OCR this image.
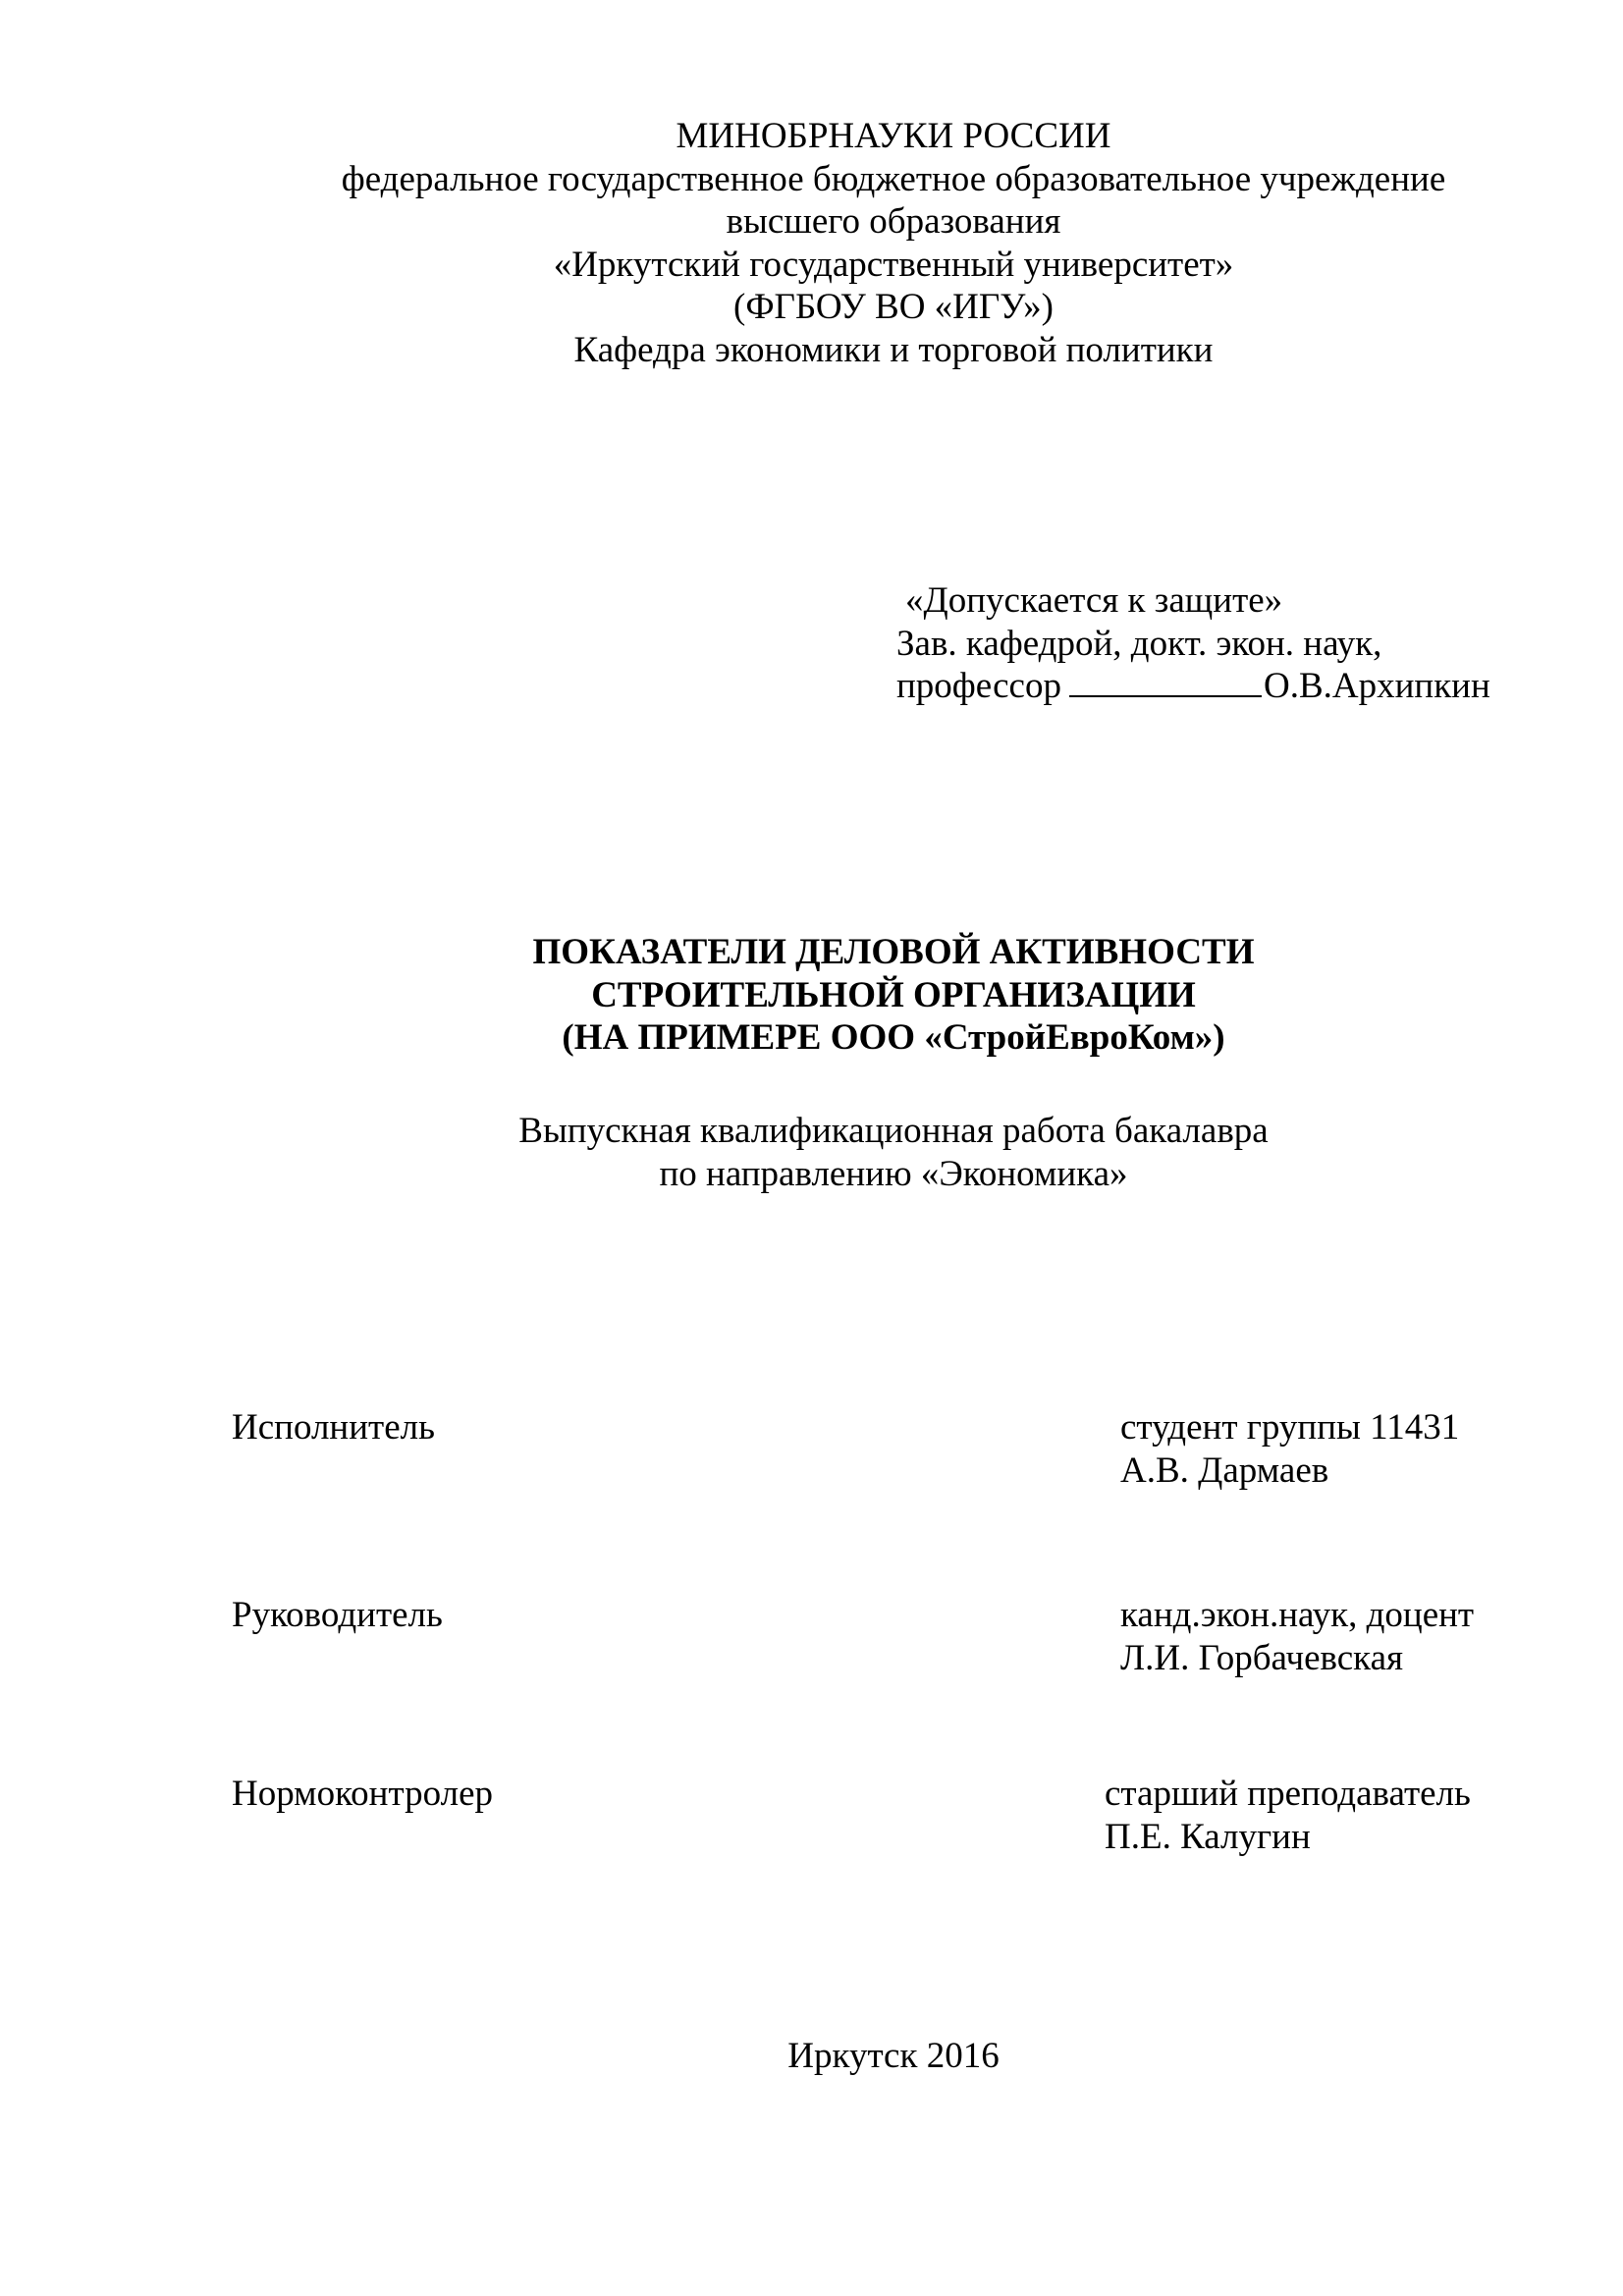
МИНОБРНАУКИ РОССИИ
федеральное государственное бюджетное образовательное учреждение
высшего образования
«Иркутский государственный университет»
(ФГБОУ ВО «ИГУ»)
Кафедра экономики и торговой политики
«Допускается к защите»
Зав. кафедрой, докт. экон. наук,
профессор	О.В.Архипкин
ПОКАЗАТЕЛИ ДЕЛОВОЙ АКТИВНОСТИ
СТРОИТЕЛЬНОЙ ОРГАНИЗАЦИИ
(НА ПРИМЕРЕ ООО «СтройЕвроКом»)
Выпускная квалификационная работа бакалавра
по направлению «Экономика»
Исполнитель	студент группы 11431
А.В. Дармаев
Руководитель	канд.экон.наук, доцент
Л.И. Горбачевская
Нормоконтролер	старший преподаватель
П.Е. Калугин
Иркутск 2016
